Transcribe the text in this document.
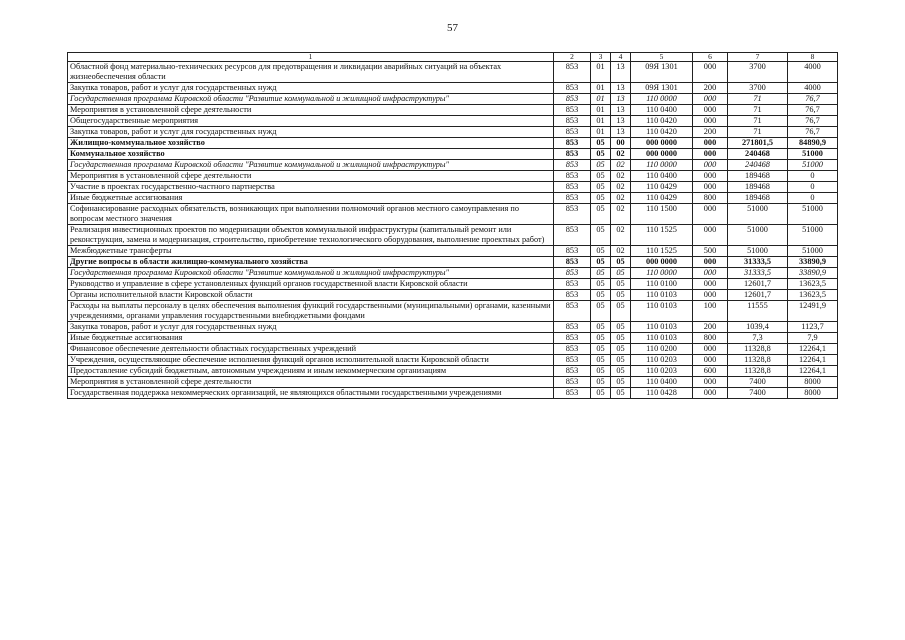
57
1	2	3	4	5	6	7	8
Областной фонд материально-технических ресурсов для предотвращения и ликвидации аварийных ситуаций на объектах жизнеобеспечения области	853	01	13	09Я 1301	000	3700	4000
Закупка товаров, работ и услуг для государственных нужд	853	01	13	09Я 1301	200	3700	4000
Государственная программа Кировской области "Развитие коммунальной и жилищной инфраструктуры"	853	01	13	110 0000	000	71	76,7
Мероприятия в установленной сфере деятельности	853	01	13	110 0400	000	71	76,7
Общегосударственные мероприятия	853	01	13	110 0420	000	71	76,7
Закупка товаров, работ и услуг для государственных нужд	853	01	13	110 0420	200	71	76,7
Жилищно-коммунальное хозяйство	853	05	00	000 0000	000	271801,5	84890,9
Коммунальное хозяйство	853	05	02	000 0000	000	240468	51000
Государственная программа Кировской области "Развитие коммунальной и жилищной инфраструктуры"	853	05	02	110 0000	000	240468	51000
Мероприятия в установленной сфере деятельности	853	05	02	110 0400	000	189468	0
Участие в проектах государственно-частного партнерства	853	05	02	110 0429	000	189468	0
Иные бюджетные ассигнования	853	05	02	110 0429	800	189468	0
Софинансирование расходных обязательств, возникающих при выполнении полномочий органов местного самоуправления по вопросам местного значения	853	05	02	110 1500	000	51000	51000
Реализация инвестиционных проектов по модернизации объектов коммунальной инфраструктуры (капитальный ремонт или реконструкция, замена и модернизация, строительство, приобретение технологического оборудования, выполнение проектных работ)	853	05	02	110 1525	000	51000	51000
Межбюджетные трансферты	853	05	02	110 1525	500	51000	51000
Другие вопросы в области жилищно-коммунального хозяйства	853	05	05	000 0000	000	31333,5	33890,9
Государственная программа Кировской области "Развитие коммунальной и жилищной инфраструктуры"	853	05	05	110 0000	000	31333,5	33890,9
Руководство и управление в сфере установленных функций органов государственной власти Кировской области	853	05	05	110 0100	000	12601,7	13623,5
Органы исполнительной власти Кировской области	853	05	05	110 0103	000	12601,7	13623,5
Расходы на выплаты персоналу в целях обеспечения выполнения функций государственными (муниципальными) органами, казенными учреждениями, органами управления государственными внебюджетными фондами	853	05	05	110 0103	100	11555	12491,9
Закупка товаров, работ и услуг для государственных нужд	853	05	05	110 0103	200	1039,4	1123,7
Иные бюджетные ассигнования	853	05	05	110 0103	800	7,3	7,9
Финансовое обеспечение деятельности областных государственных учреждений	853	05	05	110 0200	000	11328,8	12264,1
Учреждения, осуществляющие обеспечение исполнения функций органов исполнительной власти Кировской области	853	05	05	110 0203	000	11328,8	12264,1
Предоставление субсидий бюджетным, автономным учреждениям и иным некоммерческим организациям	853	05	05	110 0203	600	11328,8	12264,1
Мероприятия в установленной сфере деятельности	853	05	05	110 0400	000	7400	8000
Государственная поддержка некоммерческих организаций, не являющихся областными государственными учреждениями	853	05	05	110 0428	000	7400	8000
